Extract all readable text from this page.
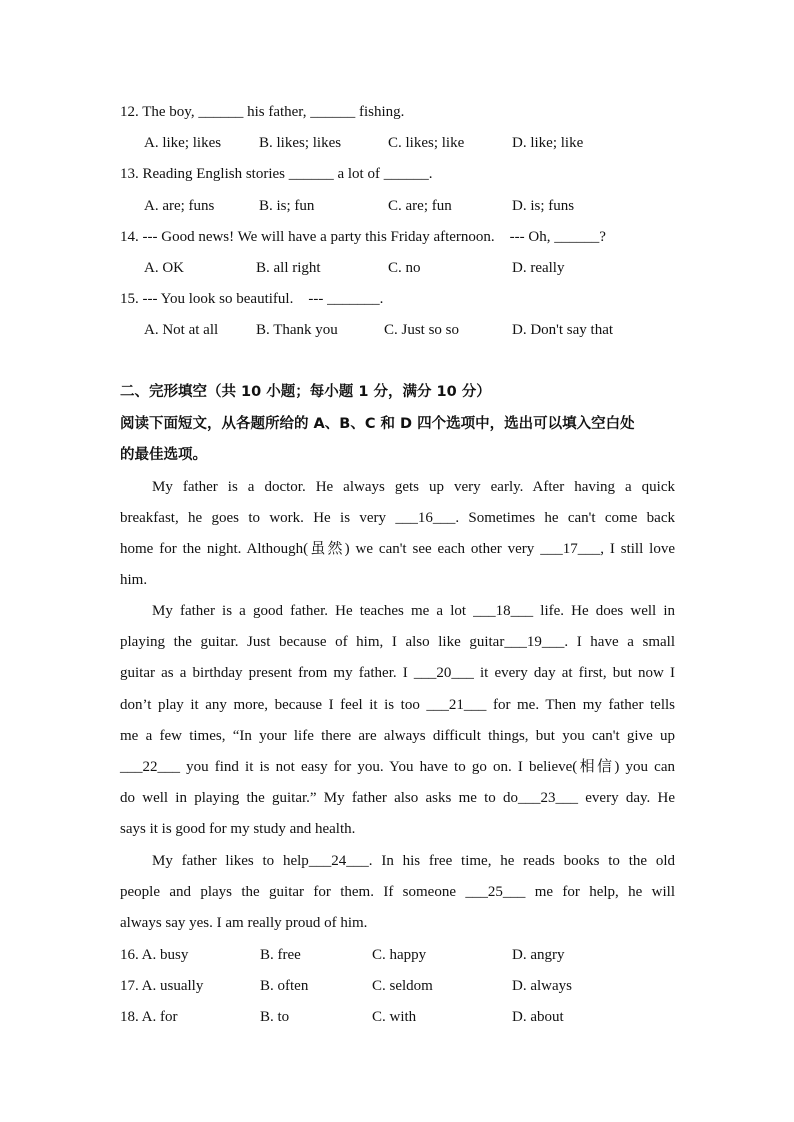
12. The boy, ______ his father, ______ fishing.
A. like; likes	B. likes; likes	C. likes; like	D. like; like
13. Reading English stories ______ a lot of ______.
A. are; funs	B. is; fun	C. are; fun	D. is; funs
14. --- Good news! We will have a party this Friday afternoon.    --- Oh, ______?
A. OK	B. all right	C. no	D. really
15. --- You look so beautiful.    --- _______.
A. Not at all	B. Thank you	C. Just so so	D. Don't say that
二、完形填空（共 10 小题；每小题 1 分，满分 10 分）
阅读下面短文，从各题所给的 A、B、C 和 D 四个选项中，选出可以填入空白处
的最佳选项。
My father is a doctor. He always gets up very early. After having a quick
breakfast, he goes to work. He is very ___16___. Sometimes he can't come back
home for the night. Although(虽然) we can't see each other very ___17___, I still love
him.
My father is a good father. He teaches me a lot ___18___ life. He does well in
playing the guitar. Just because of him, I also like guitar___19___. I have a small
guitar as a birthday present from my father. I ___20___ it every day at first, but now I
don’t play it any more, because I feel it is too ___21___ for me. Then my father tells
me a few times, “In your life there are always difficult things, but you can't give up
___22___ you find it is not easy for you. You have to go on. I believe(相信) you can
do well in playing the guitar.” My father also asks me to do___23___ every day. He
says it is good for my study and health.
My father likes to help___24___. In his free time, he reads books to the old
people and plays the guitar for them. If someone ___25___ me for help, he will
always say yes. I am really proud of him.
16. A. busy	B. free	C. happy	D. angry
17. A. usually	B. often	C. seldom	D. always
18. A. for	B. to	C. with	D. about
